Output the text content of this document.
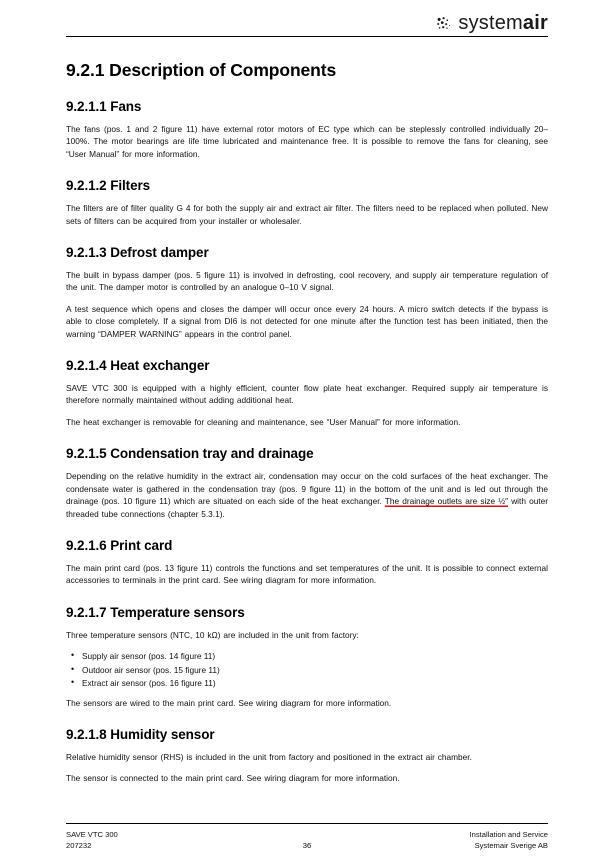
systemair
9.2.1 Description of Components
9.2.1.1 Fans

The fans (pos. 1 and 2 figure 11) have external rotor motors of EC type which can be steplessly controlled individually 20–100%. The motor bearings are life time lubricated and maintenance free. It is possible to remove the fans for cleaning, see “User Manual” for more information.

9.2.1.2 Filters

The filters are of filter quality G 4 for both the supply air and extract air filter. The filters need to be replaced when polluted. New sets of filters can be acquired from your installer or wholesaler.

9.2.1.3 Defrost damper

The built in bypass damper (pos. 5 figure 11) is involved in defrosting, cool recovery, and supply air temperature regulation of the unit. The damper motor is controlled by an analogue 0–10 V signal.

A test sequence which opens and closes the damper will occur once every 24 hours. A micro switch detects if the bypass is able to close completely. If a signal from DI6 is not detected for one minute after the function test has been initiated, then the warning “DAMPER WARNING” appears in the control panel.

9.2.1.4 Heat exchanger

SAVE VTC 300 is equipped with a highly efficient, counter flow plate heat exchanger. Required supply air temperature is therefore normally maintained without adding additional heat.

The heat exchanger is removable for cleaning and maintenance, see “User Manual” for more information.

9.2.1.5 Condensation tray and drainage

Depending on the relative humidity in the extract air, condensation may occur on the cold surfaces of the heat exchanger. The condensate water is gathered in the condensation tray (pos. 9 figure 11) in the bottom of the unit and is led out through the drainage (pos. 10 figure 11) which are situated on each side of the heat exchanger. The drainage outlets are size ½″ with outer threaded tube connections (chapter 5.3.1).

9.2.1.6 Print card

The main print card (pos. 13 figure 11) controls the functions and set temperatures of the unit. It is possible to connect external accessories to terminals in the print card. See wiring diagram for more information.

9.2.1.7 Temperature sensors

Three temperature sensors (NTC, 10 kΩ) are included in the unit from factory:

• Supply air sensor (pos. 14 figure 11)
• Outdoor air sensor (pos. 15 figure 11)
• Extract air sensor (pos. 16 figure 11)

The sensors are wired to the main print card. See wiring diagram for more information.

9.2.1.8 Humidity sensor

Relative humidity sensor (RHS) is included in the unit from factory and positioned in the extract air chamber.

The sensor is connected to the main print card. See wiring diagram for more information.

SAVE VTC 300	Installation and Service
207232	Systemair Sverige AB
36
